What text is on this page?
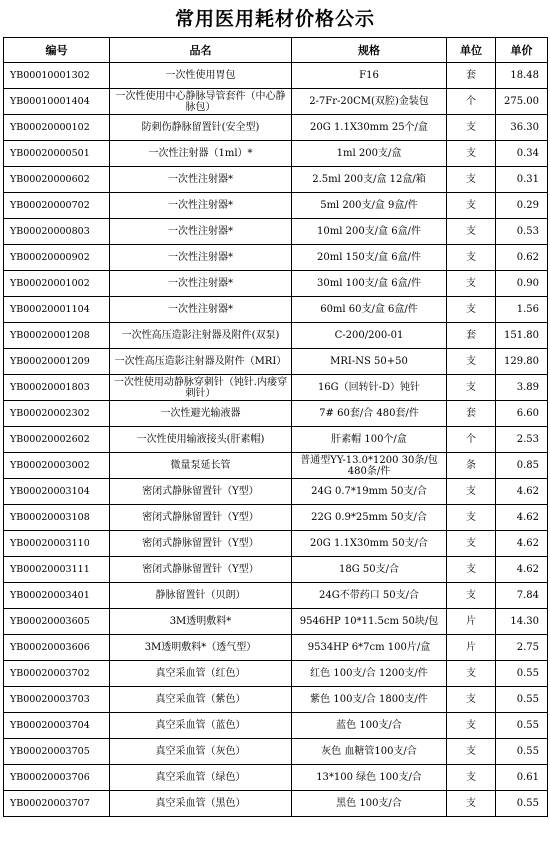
常用医用耗材价格公示
编号	品名	规格	单位	单价
YB00010001302	一次性使用胃包	F16	套	18.48
YB00010001404	一次性使用中心静脉导管套件（中心静脉包）	2-7Fr-20CM(双腔)金装包	个	275.00
YB00020000102	防刺伤静脉留置针(安全型)	20G 1.1X30mm 25个/盒	支	36.30
YB00020000501	一次性注射器（1ml）*	1ml 200支/盒	支	0.34
YB00020000602	一次性注射器*	2.5ml 200支/盒 12盒/箱	支	0.31
YB00020000702	一次性注射器*	5ml 200支/盒 9盒/件	支	0.29
YB00020000803	一次性注射器*	10ml 200支/盒 6盒/件	支	0.53
YB00020000902	一次性注射器*	20ml 150支/盒 6盒/件	支	0.62
YB00020001002	一次性注射器*	30ml 100支/盒 6盒/件	支	0.90
YB00020001104	一次性注射器*	60ml 60支/盒 6盒/件	支	1.56
YB00020001208	一次性高压造影注射器及附件(双泵)	C-200/200-01	套	151.80
YB00020001209	一次性高压造影注射器及附件（MRI）	MRI-NS 50+50	支	129.80
YB00020001803	一次性使用动静脉穿刺针（钝针.内瘘穿刺针）	16G（回转针-D）钝针	支	3.89
YB00020002302	一次性避光输液器	7# 60套/合 480套/件	套	6.60
YB00020002602	一次性使用输液接头(肝素帽)	肝素帽 100个/盒	个	2.53
YB00020003002	微量泵延长管	普通型YY-13.0*1200 30条/包 480条/件	条	0.85
YB00020003104	密闭式静脉留置针（Y型）	24G 0.7*19mm 50支/合	支	4.62
YB00020003108	密闭式静脉留置针（Y型）	22G 0.9*25mm 50支/合	支	4.62
YB00020003110	密闭式静脉留置针（Y型）	20G 1.1X30mm 50支/合	支	4.62
YB00020003111	密闭式静脉留置针（Y型）	18G 50支/合	支	4.62
YB00020003401	静脉留置针（贝朗）	24G不带药口 50支/合	支	7.84
YB00020003605	3M透明敷料*	9546HP 10*11.5cm 50块/包	片	14.30
YB00020003606	3M透明敷料*（透气型）	9534HP 6*7cm 100片/盒	片	2.75
YB00020003702	真空采血管（红色）	红色 100支/合 1200支/件	支	0.55
YB00020003703	真空采血管（紫色）	紫色 100支/合 1800支/件	支	0.55
YB00020003704	真空采血管（蓝色）	蓝色 100支/合	支	0.55
YB00020003705	真空采血管（灰色）	灰色 血糖管100支/合	支	0.55
YB00020003706	真空采血管（绿色）	13*100 绿色 100支/合	支	0.61
YB00020003707	真空采血管（黑色）	黑色 100支/合	支	0.55
